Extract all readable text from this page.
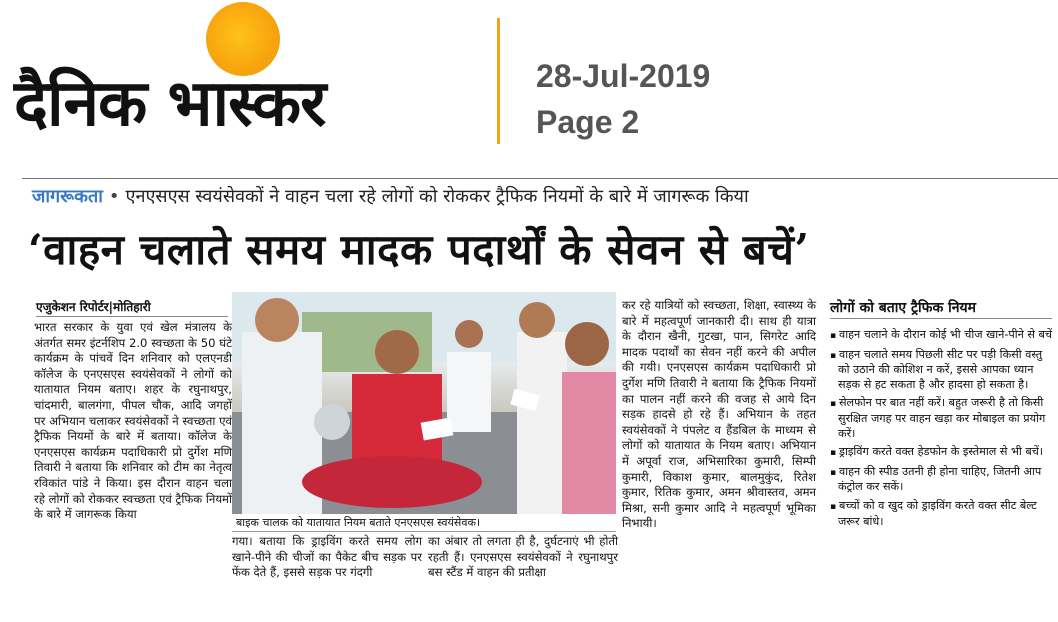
दैनिक भास्कर	28-Jul-2019
Page 2
जागरूकता • एनएसएस स्वयंसेवकों ने वाहन चला रहे लोगों को रोककर ट्रैफिक नियमों के बारे में जागरूक किया
‘वाहन चलाते समय मादक पदार्थों के सेवन से बचें’
एजुकेशन रिपोर्टर|मोतिहारी
भारत सरकार के युवा एवं खेल मंत्रालय के अंतर्गत समर इंटर्नशिप 2.0 स्वच्छता के 50 घंटे कार्यक्रम के पांचवें दिन शनिवार को एलएनडी कॉलेज के एनएसएस स्वयंसेवकों ने लोगों को यातायात नियम बताए। शहर के रघुनाथपुर, चांदमारी, बालगंगा, पीपल चौक, आदि जगहों पर अभियान चलाकर स्वयंसेवकों ने स्वच्छता एवं ट्रैफिक नियमों के बारे में बताया। कॉलेज के एनएसएस कार्यक्रम पदाधिकारी प्रो दुर्गेश मणि तिवारी ने बताया कि शनिवार को टीम का नेतृत्व रविकांत पांडे ने किया। इस दौरान वाहन चला रहे लोगों को रोककर स्वच्छता एवं ट्रैफिक नियमों के बारे में जागरूक किया
बाइक चालक को यातायात नियम बताते एनएसएस स्वयंसेवक।
गया। बताया कि ड्राइविंग करते समय लोग खाने-पीने की चीजों का पैकेट बीच सड़क पर फेंक देते हैं, इससे सड़क पर गंदगी
का अंबार तो लगता ही है, दुर्घटनाएं भी होती रहती हैं। एनएसएस स्वयंसेवकों ने रघुनाथपुर बस स्टैंड में वाहन की प्रतीक्षा
कर रहे यात्रियों को स्वच्छता, शिक्षा, स्वास्थ्य के बारे में महत्वपूर्ण जानकारी दी। साथ ही यात्रा के दौरान खैनी, गुटखा, पान, सिगरेट आदि मादक पदार्थों का सेवन नहीं करने की अपील की गयी। एनएसएस कार्यक्रम पदाधिकारी प्रो दुर्गेश मणि तिवारी ने बताया कि ट्रैफिक नियमों का पालन नहीं करने की वजह से आये दिन सड़क हादसे हो रहे हैं। अभियान के तहत स्वयंसेवकों ने पंपलेट व हैंडबिल के माध्यम से लोगों को यातायात के नियम बताए। अभियान में अपूर्वा राज, अभिसारिका कुमारी, सिम्पी कुमारी, विकाश कुमार, बालमुकुंद, रितेश कुमार, रितिक कुमार, अमन श्रीवास्तव, अमन मिश्रा, सनी कुमार आदि ने महत्वपूर्ण भूमिका निभायी।
लोगों को बताए ट्रैफिक नियम
▪ वाहन चलाने के दौरान कोई भी चीज खाने-पीने से बचें
▪ वाहन चलाते समय पिछली सीट पर पड़ी किसी वस्तु को उठाने की कोशिश न करें, इससे आपका ध्यान सड़क से हट सकता है और हादसा हो सकता है।
▪ सेलफोन पर बात नहीं करें। बहुत जरूरी है तो किसी सुरक्षित जगह पर वाहन खड़ा कर मोबाइल का प्रयोग करें।
▪ ड्राइविंग करते वक्त हेडफोन के इस्तेमाल से भी बचें।
▪ वाहन की स्पीड उतनी ही होना चाहिए, जितनी आप कंट्रोल कर सकें।
▪ बच्चों को व खुद को ड्राइविंग करते वक्त सीट बेल्ट जरूर बांधे।
